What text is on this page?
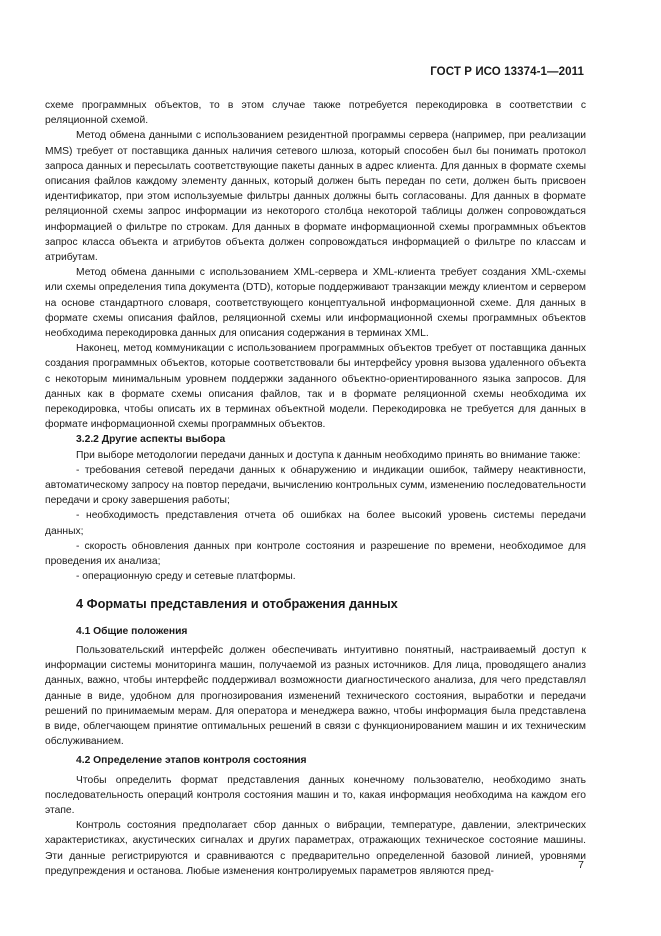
ГОСТ Р ИСО 13374-1—2011

схеме программных объектов, то в этом случае также потребуется перекодировка в соответствии с реляционной схемой.

Метод обмена данными с использованием резидентной программы сервера (например, при реализации MMS) требует от поставщика данных наличия сетевого шлюза, который способен был бы понимать протокол запроса данных и пересылать соответствующие пакеты данных в адрес клиента. Для данных в формате схемы описания файлов каждому элементу данных, который должен быть передан по сети, должен быть присвоен идентификатор, при этом используемые фильтры данных должны быть согласованы. Для данных в формате реляционной схемы запрос информации из некоторого столбца некоторой таблицы должен сопровождаться информацией о фильтре по строкам. Для данных в формате информационной схемы программных объектов запрос класса объекта и атрибутов объекта должен сопровождаться информацией о фильтре по классам и атрибутам.

Метод обмена данными с использованием XML-сервера и XML-клиента требует создания XML-схемы или схемы определения типа документа (DTD), которые поддерживают транзакции между клиентом и сервером на основе стандартного словаря, соответствующего концептуальной информационной схеме. Для данных в формате схемы описания файлов, реляционной схемы или информационной схемы программных объектов необходима перекодировка данных для описания содержания в терминах XML.

Наконец, метод коммуникации с использованием программных объектов требует от поставщика данных создания программных объектов, которые соответствовали бы интерфейсу уровня вызова удаленного объекта с некоторым минимальным уровнем поддержки заданного объектно-ориентированного языка запросов. Для данных как в формате схемы описания файлов, так и в формате реляционной схемы необходима их перекодировка, чтобы описать их в терминах объектной модели. Перекодировка не требуется для данных в формате информационной схемы программных объектов.

3.2.2 Другие аспекты выбора

При выборе методологии передачи данных и доступа к данным необходимо принять во внимание также:

- требования сетевой передачи данных к обнаружению и индикации ошибок, таймеру неактивности, автоматическому запросу на повтор передачи, вычислению контрольных сумм, изменению последовательности передачи и сроку завершения работы;

- необходимость представления отчета об ошибках на более высокий уровень системы передачи данных;

- скорость обновления данных при контроле состояния и разрешение по времени, необходимое для проведения их анализа;

- операционную среду и сетевые платформы.

4 Форматы представления и отображения данных
4.1 Общие положения

Пользовательский интерфейс должен обеспечивать интуитивно понятный, настраиваемый доступ к информации системы мониторинга машин, получаемой из разных источников. Для лица, проводящего анализ данных, важно, чтобы интерфейс поддерживал возможности диагностического анализа, для чего представлял данные в виде, удобном для прогнозирования изменений технического состояния, выработки и передачи решений по принимаемым мерам. Для оператора и менеджера важно, чтобы информация была представлена в виде, облегчающем принятие оптимальных решений в связи с функционированием машин и их техническим обслуживанием.

4.2 Определение этапов контроля состояния

Чтобы определить формат представления данных конечному пользователю, необходимо знать последовательность операций контроля состояния машин и то, какая информация необходима на каждом его этапе.

Контроль состояния предполагает сбор данных о вибрации, температуре, давлении, электрических характеристиках, акустических сигналах и других параметрах, отражающих техническое состояние машины. Эти данные регистрируются и сравниваются с предварительно определенной базовой линией, уровнями предупреждения и останова. Любые изменения контролируемых параметров являются пред-

7
